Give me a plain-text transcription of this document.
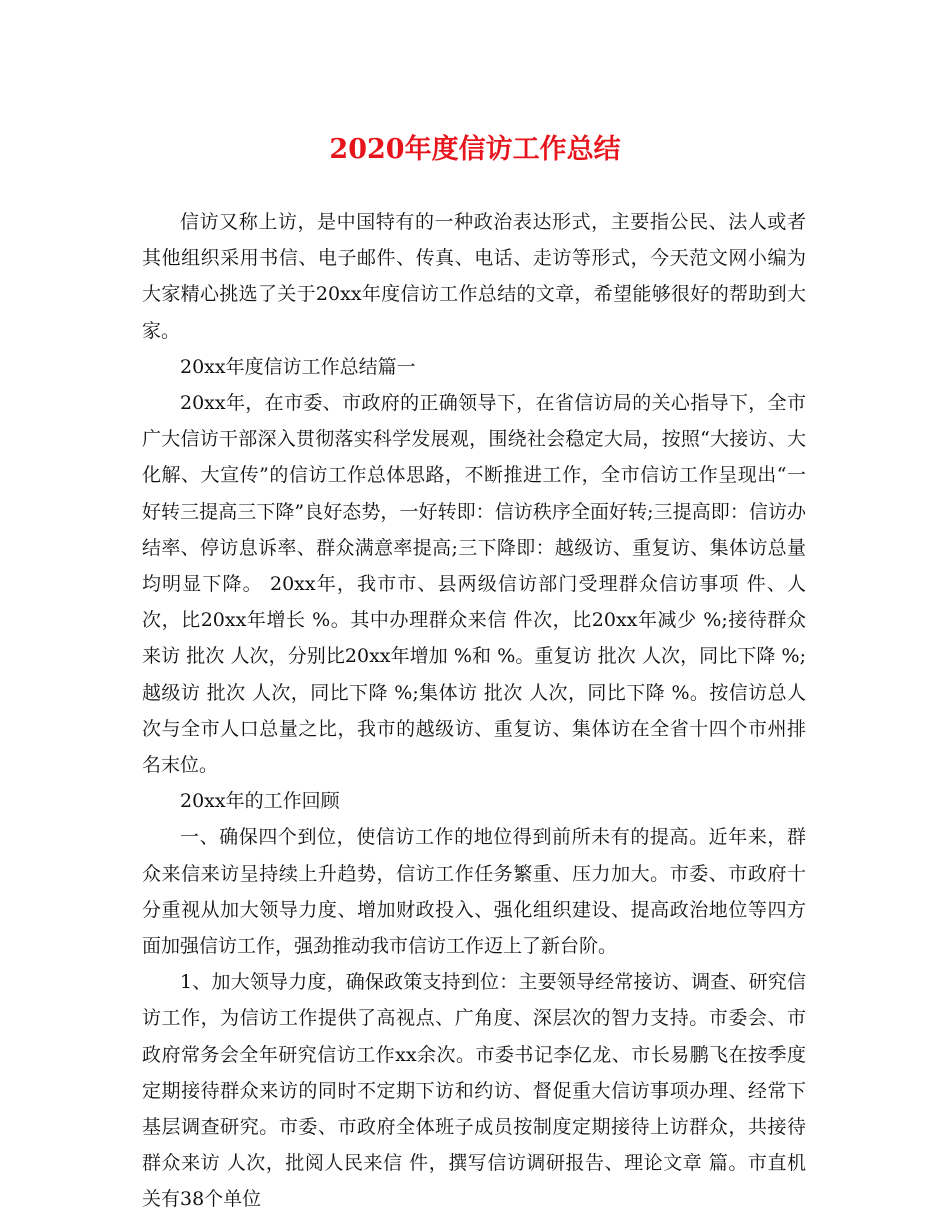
2020年度信访工作总结

信访又称上访，是中国特有的一种政治表达形式，主要指公民、法人或者其他组织采用书信、电子邮件、传真、电话、走访等形式，今天范文网小编为大家精心挑选了关于20xx年度信访工作总结的文章，希望能够很好的帮助到大家。

20xx年度信访工作总结篇一

20xx年，在市委、市政府的正确领导下，在省信访局的关心指导下，全市广大信访干部深入贯彻落实科学发展观，围绕社会稳定大局，按照“大接访、大化解、大宣传”的信访工作总体思路，不断推进工作，全市信访工作呈现出“一好转三提高三下降”良好态势，一好转即：信访秩序全面好转;三提高即：信访办结率、停访息诉率、群众满意率提高;三下降即：越级访、重复访、集体访总量均明显下降。 20xx年，我市市、县两级信访部门受理群众信访事项 件、人次，比20xx年增长 %。其中办理群众来信 件次，比20xx年减少 %;接待群众来访 批次 人次，分别比20xx年增加 %和 %。重复访 批次 人次，同比下降 %;越级访 批次 人次，同比下降 %;集体访 批次 人次，同比下降 %。按信访总人次与全市人口总量之比，我市的越级访、重复访、集体访在全省十四个市州排名末位。

20xx年的工作回顾

一、确保四个到位，使信访工作的地位得到前所未有的提高。近年来，群众来信来访呈持续上升趋势，信访工作任务繁重、压力加大。市委、市政府十分重视从加大领导力度、增加财政投入、强化组织建设、提高政治地位等四方面加强信访工作，强劲推动我市信访工作迈上了新台阶。

1、加大领导力度，确保政策支持到位：主要领导经常接访、调查、研究信访工作，为信访工作提供了高视点、广角度、深层次的智力支持。市委会、市政府常务会全年研究信访工作xx余次。市委书记李亿龙、市长易鹏飞在按季度定期接待群众来访的同时不定期下访和约访、督促重大信访事项办理、经常下基层调查研究。市委、市政府全体班子成员按制度定期接待上访群众，共接待群众来访 人次，批阅人民来信 件，撰写信访调研报告、理论文章 篇。市直机关有38个单位
